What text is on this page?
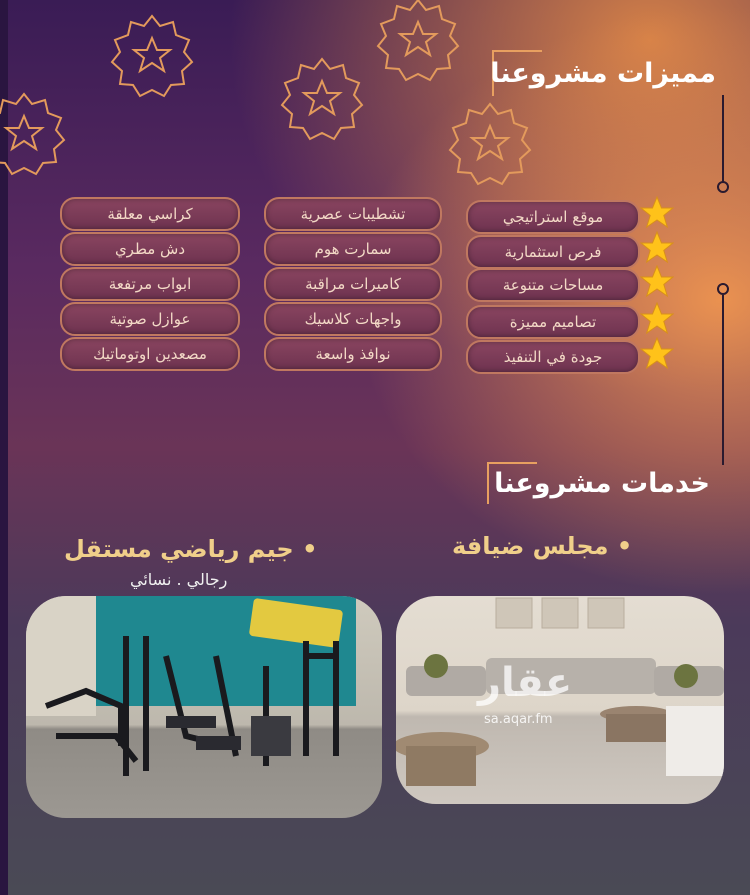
مميزات مشروعنا
موقع استراتيجي
فرص استثمارية
مساحات متنوعة
تصاميم مميزة
جودة في التنفيذ
تشطيبات عصرية
سمارت هوم
كاميرات مراقبة
واجهات كلاسيك
نوافذ واسعة
كراسي معلقة
دش مطري
ابواب مرتفعة
عوازل صوتية
مصعدين اوتوماتيك
خدمات مشروعنا
• مجلس ضيافة
• جيم رياضي مستقل
رجالي . نسائي
عقار
sa.aqar.fm
